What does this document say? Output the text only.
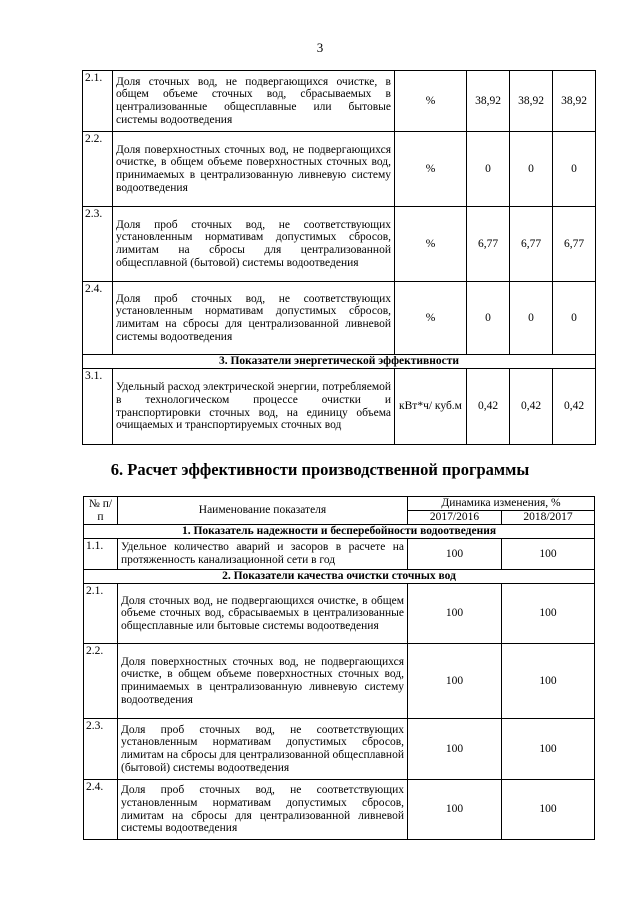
3
2.1.	Доля сточных вод, не подвергающихся очистке, в общем объеме сточных вод, сбрасываемых в централизованные общесплавные или бытовые системы водоотведения	%	38,92	38,92	38,92
2.2.	Доля поверхностных сточных вод, не подвергающихся очистке, в общем объеме поверхностных сточных вод, принимаемых в централизованную ливневую систему водоотведения	%	0	0	0
2.3.	Доля проб сточных вод, не соответствующих установленным нормативам допустимых сбросов, лимитам на сбросы для централизованной общесплавной (бытовой) системы водоотведения	%	6,77	6,77	6,77
2.4.	Доля проб сточных вод, не соответствующих установленным нормативам допустимых сбросов, лимитам на сбросы для централизованной ливневой системы водоотведения	%	0	0	0
3. Показатели энергетической эффективности					
3.1.	Удельный расход электрической энергии, потребляемой в технологическом процессе очистки и транспортировки сточных вод, на единицу объема очищаемых и транспортируемых сточных вод	кВт*ч/ куб.м	0,42	0,42	0,42
6. Расчет эффективности производственной программы
№ п/п	Наименование показателя	Динамика изменения, %	
		2017/2016	2018/2017
1. Показатель надежности и бесперебойности водоотведения			
1.1.	Удельное количество аварий и засоров в расчете на протяженность канализационной сети в год	100	100
2. Показатели качества очистки сточных вод			
2.1.	Доля сточных вод, не подвергающихся очистке, в общем объеме сточных вод, сбрасываемых в централизованные общесплавные или бытовые системы водоотведения	100	100
2.2.	Доля поверхностных сточных вод, не подвергающихся очистке, в общем объеме поверхностных сточных вод, принимаемых в централизованную ливневую систему водоотведения	100	100
2.3.	Доля проб сточных вод, не соответствующих установленным нормативам допустимых сбросов, лимитам на сбросы для централизованной общесплавной (бытовой) системы водоотведения	100	100
2.4.	Доля проб сточных вод, не соответствующих установленным нормативам допустимых сбросов, лимитам на сбросы для централизованной ливневой системы водоотведения	100	100
